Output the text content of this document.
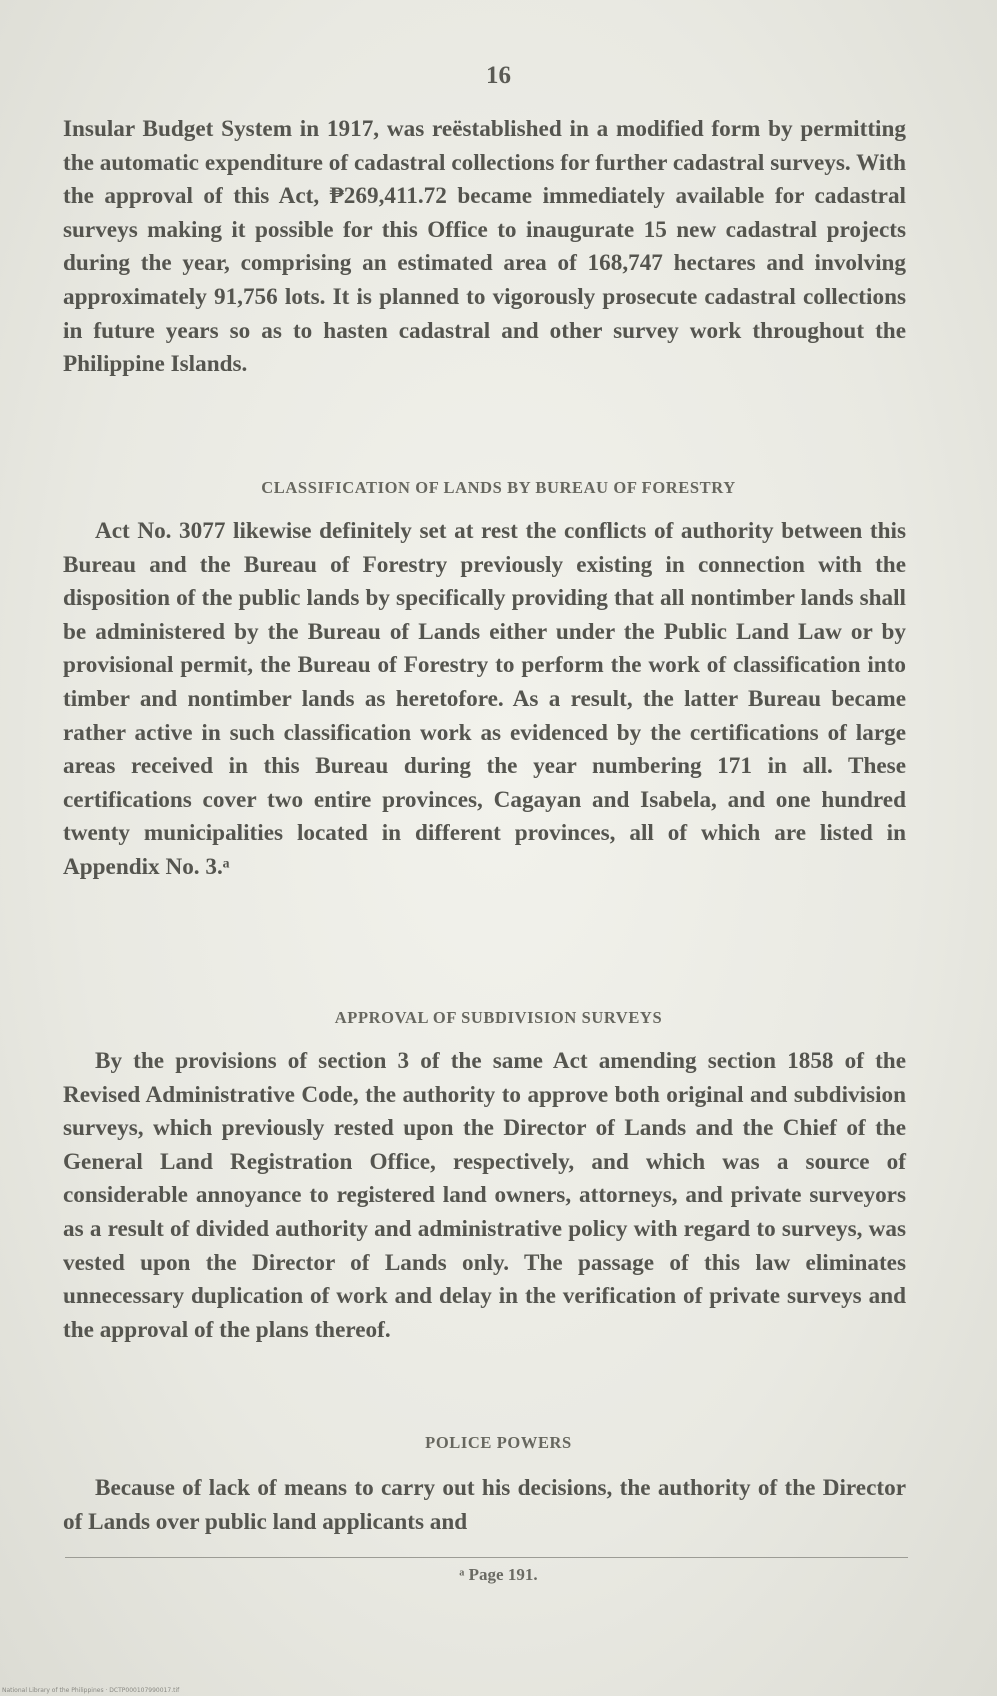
16

Insular Budget System in 1917, was reëstablished in a modified form by permitting the automatic expenditure of cadastral collections for further cadastral surveys. With the approval of this Act, ₱269,411.72 became immediately available for cadastral surveys making it possible for this Office to inaugurate 15 new cadastral projects during the year, comprising an estimated area of 168,747 hectares and involving approximately 91,756 lots. It is planned to vigorously prosecute cadastral collections in future years so as to hasten cadastral and other survey work throughout the Philippine Islands.

CLASSIFICATION OF LANDS BY BUREAU OF FORESTRY

Act No. 3077 likewise definitely set at rest the conflicts of authority between this Bureau and the Bureau of Forestry previously existing in connection with the disposition of the public lands by specifically providing that all nontimber lands shall be administered by the Bureau of Lands either under the Public Land Law or by provisional permit, the Bureau of Forestry to perform the work of classification into timber and nontimber lands as heretofore. As a result, the latter Bureau became rather active in such classification work as evidenced by the certifications of large areas received in this Bureau during the year numbering 171 in all. These certifications cover two entire provinces, Cagayan and Isabela, and one hundred twenty municipalities located in different provinces, all of which are listed in Appendix No. 3.ᵃ

APPROVAL OF SUBDIVISION SURVEYS

By the provisions of section 3 of the same Act amending section 1858 of the Revised Administrative Code, the authority to approve both original and subdivision surveys, which previously rested upon the Director of Lands and the Chief of the General Land Registration Office, respectively, and which was a source of considerable annoyance to registered land owners, attorneys, and private surveyors as a result of divided authority and administrative policy with regard to surveys, was vested upon the Director of Lands only. The passage of this law eliminates unnecessary duplication of work and delay in the verification of private surveys and the approval of the plans thereof.

POLICE POWERS

Because of lack of means to carry out his decisions, the authority of the Director of Lands over public land applicants and

ᵃ Page 191.
National Library of the Philippines · DCTP000107990017.tif
